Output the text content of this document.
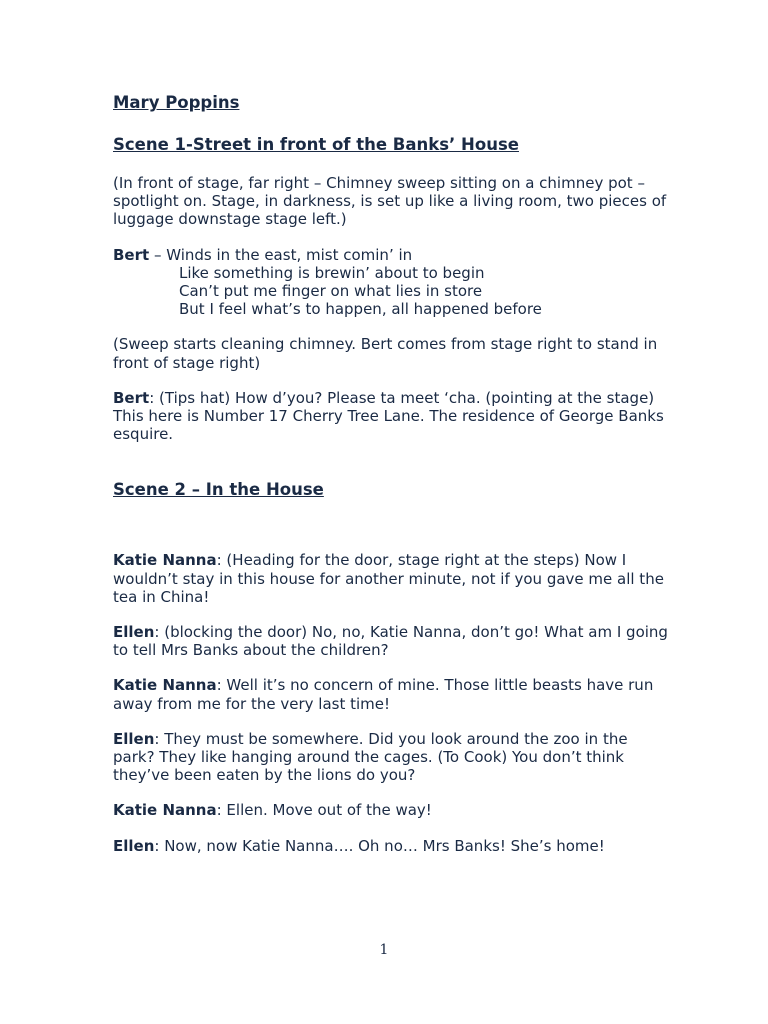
Mary Poppins
Scene 1-Street in front of the Banks’ House

(In front of stage, far right – Chimney sweep sitting on a chimney pot – spotlight on. Stage, in darkness, is set up like a living room, two pieces of luggage downstage stage left.)

Bert – Winds in the east, mist comin’ in
Like something is brewin’ about to begin
Can’t put me finger on what lies in store
But I feel what’s to happen, all happened before

(Sweep starts cleaning chimney. Bert comes from stage right to stand in front of stage right)

Bert: (Tips hat) How d’you? Please ta meet ‘cha. (pointing at the stage) This here is Number 17 Cherry Tree Lane. The residence of George Banks esquire.

Scene 2 – In the House

Katie Nanna: (Heading for the door, stage right at the steps) Now I wouldn’t stay in this house for another minute, not if you gave me all the tea in China!

Ellen: (blocking the door) No, no, Katie Nanna, don’t go! What am I going to tell Mrs Banks about the children?

Katie Nanna: Well it’s no concern of mine. Those little beasts have run away from me for the very last time!

Ellen: They must be somewhere. Did you look around the zoo in the park? They like hanging around the cages. (To Cook) You don’t think they’ve been eaten by the lions do you?

Katie Nanna: Ellen. Move out of the way!

Ellen: Now, now Katie Nanna…. Oh no… Mrs Banks! She’s home!

1
